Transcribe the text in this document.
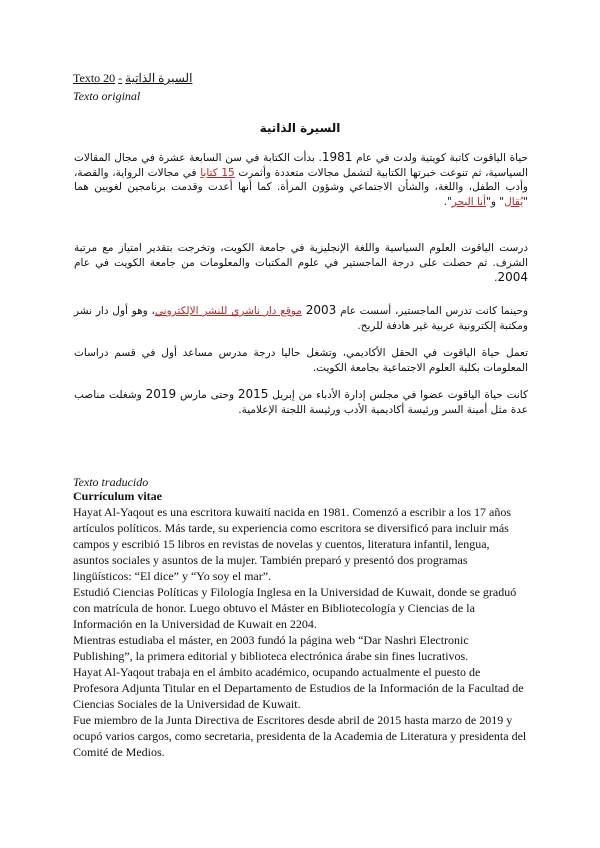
Texto 20 - السيرة الذاتية
Texto original
السيرة الذاتية

حياة الياقوت كاتبة كويتية ولدت في عام 1981. بدأت الكتابة في سن السابعة عشرة في مجال المقالات السياسية، ثم تنوعت خبرتها الكتابية لتشمل مجالات متعددة وأثمرت 15 كتابا في مجالات الرواية، والقصة، وأدب الطفل، واللغة، والشأن الاجتماعي وشؤون المرأة. كما أنها أعدت وقدمت برنامجين لغويين هما "يُقال" و"أنا البحر".

درست الياقوت العلوم السياسية واللغة الإنجليزية في جامعة الكويت، وتخرجت بتقدير امتياز مع مرتبة الشرف. ثم حصلت على درجة الماجستير في علوم المكتبات والمعلومات من جامعة الكويت في عام 2004.

وحينما كانت تدرس الماجستير، أسست عام 2003 موقع دار ناشري للنشر الإلكتروني، وهو أول دار نشر ومكتبة إلكترونية عربية غير هادفة للربح.

تعمل حياة الياقوت في الحقل الأكاديمي، وتشغل حاليا درجة مدرس مساعد أول في قسم دراسات المعلومات بكلية العلوم الاجتماعية بجامعة الكويت.

كانت حياة الياقوت عضوا في مجلس إدارة الأدباء من إبريل 2015 وحتى مارس 2019 وشغلت مناصب عدة مثل أمينة السر ورئيسة أكاديمية الأدب ورئيسة اللجنة الإعلامية.

Texto traducido
Currículum vitae

Hayat Al-Yaqout es una escritora kuwaití nacida en 1981. Comenzó a escribir a los 17 años artículos políticos. Más tarde, su experiencia como escritora se diversificó para incluir más campos y escribió 15 libros en revistas de novelas y cuentos, literatura infantil, lengua, asuntos sociales y asuntos de la mujer. También preparó y presentó dos programas lingüísticos: “El dice” y “Yo soy el mar”.

Estudió Ciencias Políticas y Filología Inglesa en la Universidad de Kuwait, donde se graduó con matrícula de honor. Luego obtuvo el Máster en Bibliotecología y Ciencias de la Información en la Universidad de Kuwait en 2204.

Mientras estudiaba el máster, en 2003 fundó la página web “Dar Nashri Electronic Publishing”, la primera editorial y biblioteca electrónica árabe sin fines lucrativos.

Hayat Al-Yaqout trabaja en el ámbito académico, ocupando actualmente el puesto de Profesora Adjunta Titular en el Departamento de Estudios de la Información de la Facultad de Ciencias Sociales de la Universidad de Kuwait.

Fue miembro de la Junta Directiva de Escritores desde abril de 2015 hasta marzo de 2019 y ocupó varios cargos, como secretaria, presidenta de la Academia de Literatura y presidenta del Comité de Medios.
